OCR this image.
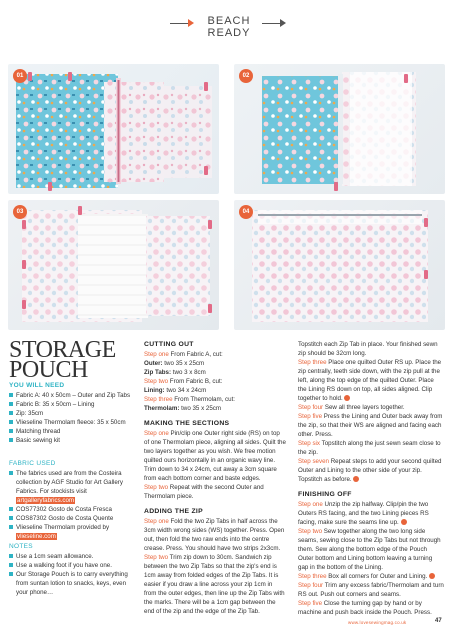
BEACH READY
01	02
03	04
STORAGE
POUCH
YOU WILL NEED
Fabric A: 40 x 50cm – Outer and Zip Tabs
Fabric B: 35 x 50cm – Lining
Zip: 35cm
Vlieseline Thermolam fleece: 35 x 50cm
Matching thread
Basic sewing kit
FABRIC USED
The fabrics used are from the Costeira collection by AGF Studio for Art Gallery Fabrics. For stockists visit artgalleryfabrics.com
COS77302 Gosto de Costa Fresca
COS87302 Gosto de Costa Quente
Vlieseline Thermolam provided by vlieseline.com
NOTES
Use a 1cm seam allowance.
Use a walking foot if you have one.
Our Storage Pouch is to carry everything from suntan lotion to snacks, keys, even your phone…
CUTTING OUT

Step one From Fabric A, cut:

Outer: two 35 x 25cm

Zip Tabs: two 3 x 8cm

Step two From Fabric B, cut:

Lining: two 34 x 24cm

Step three From Thermolam, cut:

Thermolam: two 35 x 25cm

MAKING THE SECTIONS

Step one Pin/clip one Outer right side (RS) on top of one Thermolam piece, aligning all sides. Quilt the two layers together as you wish. We free motion quilted ours horizontally in an organic wavy line. Trim down to 34 x 24cm, cut away a 3cm square from each bottom corner and baste edges.

Step two Repeat with the second Outer and Thermolam piece.

ADDING THE ZIP

Step one Fold the two Zip Tabs in half across the 3cm width wrong sides (WS) together. Press. Open out, then fold the two raw ends into the centre crease. Press. You should have two strips 2x3cm.

Step two Trim zip down to 30cm. Sandwich zip between the two Zip Tabs so that the zip's end is 1cm away from folded edges of the Zip Tabs. It is easier if you draw a line across your zip 1cm in from the outer edges, then line up the Zip Tabs with the marks. There will be a 1cm gap between the end of the zip and the edge of the Zip Tab.

Topstitch each Zip Tab in place. Your finished sewn zip should be 32cm long.

Step three Place one quilted Outer RS up. Place the zip centrally, teeth side down, with the zip pull at the left, along the top edge of the quilted Outer. Place the Lining RS down on top, all sides aligned. Clip together to hold.

Step four Sew all three layers together.

Step five Press the Lining and Outer back away from the zip, so that their WS are aligned and facing each other. Press.

Step six Topstitch along the just sewn seam close to the zip.

Step seven Repeat steps to add your second quilted Outer and Lining to the other side of your zip. Topstitch as before.

FINISHING OFF

Step one Unzip the zip halfway. Clip/pin the two Outers RS facing, and the two Lining pieces RS facing, make sure the seams line up.

Step two Sew together along the two long side seams, sewing close to the Zip Tabs but not through them. Sew along the bottom edge of the Pouch Outer bottom and Lining bottom leaving a turning gap in the bottom of the Lining.

Step three Box all corners for Outer and Lining.

Step four Trim any excess fabric/Thermolam and turn RS out. Push out corners and seams.

Step five Close the turning gap by hand or by machine and push back inside the Pouch. Press.

www.lovesewingmag.co.uk	47
